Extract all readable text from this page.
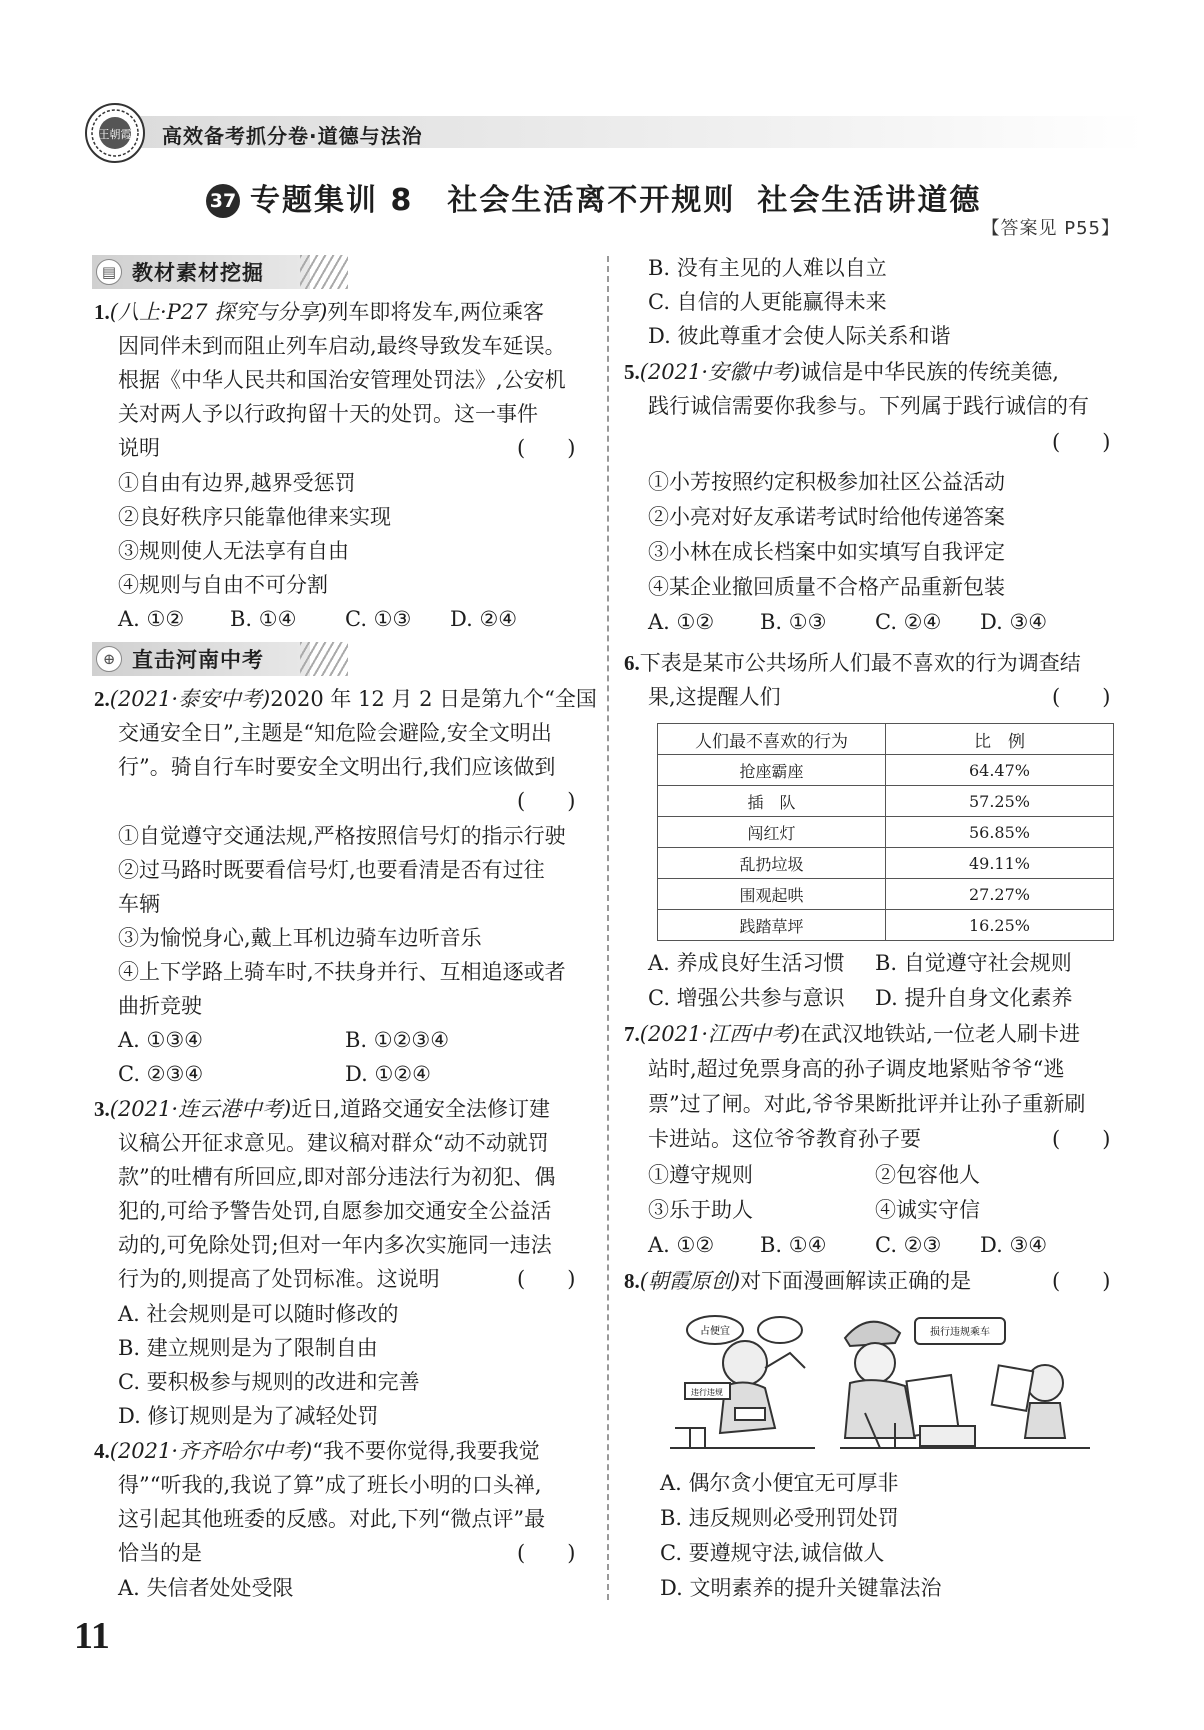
王朝霞 高效备考抓分卷·道德与法治
37 专题集训 8 社会生活离不开规则 社会生活讲道德
【答案见 P55】
▤ 教材素材挖掘
1.(八上·P27 探究与分享)列车即将发车,两位乘客
因同伴未到而阻止列车启动,最终导致发车延误。
根据《中华人民共和国治安管理处罚法》,公安机
关对两人予以行政拘留十天的处罚。这一事件
说明	(　　)
①自由有边界,越界受惩罚
②良好秩序只能靠他律来实现
③规则使人无法享有自由
④规则与自由不可分割
A. ①② B. ①④ C. ①③ D. ②④
⊕ 直击河南中考
2.(2021·泰安中考)2020 年 12 月 2 日是第九个“全国
交通安全日”,主题是“知危险会避险,安全文明出
行”。骑自行车时要安全文明出行,我们应该做到
(　　)
①自觉遵守交通法规,严格按照信号灯的指示行驶
②过马路时既要看信号灯,也要看清是否有过往
车辆
③为愉悦身心,戴上耳机边骑车边听音乐
④上下学路上骑车时,不扶身并行、互相追逐或者
曲折竞驶
A. ①③④	B. ①②③④
C. ②③④	D. ①②④
3.(2021·连云港中考)近日,道路交通安全法修订建
议稿公开征求意见。建议稿对群众“动不动就罚
款”的吐槽有所回应,即对部分违法行为初犯、偶
犯的,可给予警告处罚,自愿参加交通安全公益活
动的,可免除处罚;但对一年内多次实施同一违法
行为的,则提高了处罚标准。这说明	(　　)
A. 社会规则是可以随时修改的
B. 建立规则是为了限制自由
C. 要积极参与规则的改进和完善
D. 修订规则是为了减轻处罚
4.(2021·齐齐哈尔中考)“我不要你觉得,我要我觉
得”“听我的,我说了算”成了班长小明的口头禅,
这引起其他班委的反感。对此,下列“微点评”最
恰当的是	(　　)
A. 失信者处处受限
B. 没有主见的人难以自立
C. 自信的人更能赢得未来
D. 彼此尊重才会使人际关系和谐
5.(2021·安徽中考)诚信是中华民族的传统美德,
践行诚信需要你我参与。下列属于践行诚信的有
(　　)
①小芳按照约定积极参加社区公益活动
②小亮对好友承诺考试时给他传递答案
③小林在成长档案中如实填写自我评定
④某企业撤回质量不合格产品重新包装
A. ①② B. ①③ C. ②④ D. ③④
6.下表是某市公共场所人们最不喜欢的行为调查结
果,这提醒人们	(　　)
人们最不喜欢的行为	比　例
抢座霸座	64.47%
插　队	57.25%
闯红灯	56.85%
乱扔垃圾	49.11%
围观起哄	27.27%
践踏草坪	16.25%
A. 养成良好生活习惯 B. 自觉遵守社会规则
C. 增强公共参与意识 D. 提升自身文化素养
7.(2021·江西中考)在武汉地铁站,一位老人刷卡进
站时,超过免票身高的孙子调皮地紧贴爷爷“逃
票”过了闸。对此,爷爷果断批评并让孙子重新刷
卡进站。这位爷爷教育孙子要	(　　)
①遵守规则	②包容他人
③乐于助人	④诚实守信
A. ①② B. ①④ C. ②③ D. ③④
8.(朝霞原创)对下面漫画解读正确的是	(　　)
占便宜
违行违规
损行违规乘车
A. 偶尔贪小便宜无可厚非
B. 违反规则必受刑罚处罚
C. 要遵规守法,诚信做人
D. 文明素养的提升关键靠法治
11
